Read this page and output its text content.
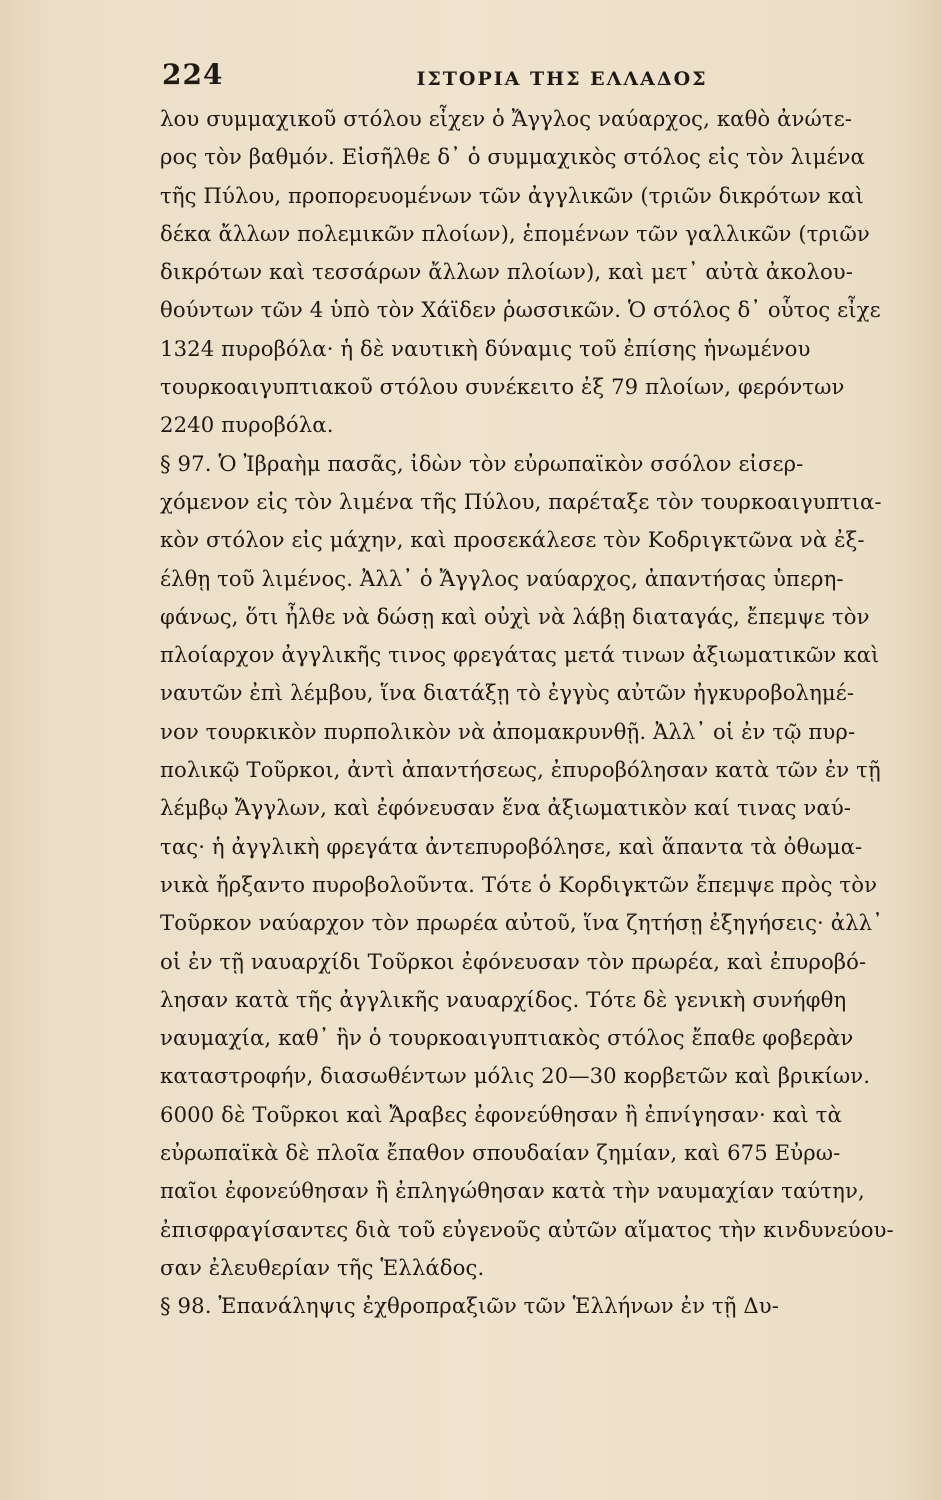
224	ΙΣΤΟΡΙΑ ΤΗΣ ΕΛΛΑΔΟΣ
λου συμμαχικοῦ στόλου εἶχεν ὁ Ἄγγλος ναύαρχος, καθὸ ἀνώτε-
ρος τὸν βαθμόν. Εἰσῆλθε δ᾽ ὁ συμμαχικὸς στόλος εἰς τὸν λιμένα
τῆς Πύλου, προπορευομένων τῶν ἀγγλικῶν (τριῶν δικρότων καὶ
δέκα ἄλλων πολεμικῶν πλοίων), ἑπομένων τῶν γαλλικῶν (τριῶν
δικρότων καὶ τεσσάρων ἄλλων πλοίων), καὶ μετ᾽ αὐτὰ ἀκολου-
θούντων τῶν 4 ὑπὸ τὸν Χάϊδεν ῥωσσικῶν. Ὁ στόλος δ᾽ οὗτος εἶχε
1324 πυροβόλα· ἡ δὲ ναυτικὴ δύναμις τοῦ ἐπίσης ἡνωμένου
τουρκοαιγυπτιακοῦ στόλου συνέκειτο ἐξ 79 πλοίων, φερόντων
2240 πυροβόλα.
§ 97. Ὁ Ἰβραὴμ πασᾶς, ἰδὼν τὸν εὐρωπαϊκὸν σσόλον εἰσερ-
χόμενον εἰς τὸν λιμένα τῆς Πύλου, παρέταξε τὸν τουρκοαιγυπτια-
κὸν στόλον εἰς μάχην, καὶ προσεκάλεσε τὸν Κοδριγκτῶνα νὰ ἐξ-
έλθῃ τοῦ λιμένος. Ἀλλ᾽ ὁ Ἄγγλος ναύαρχος, ἀπαντήσας ὑπερη-
φάνως, ὅτι ἦλθε νὰ δώσῃ καὶ οὐχὶ νὰ λάβῃ διαταγάς, ἔπεμψε τὸν
πλοίαρχον ἀγγλικῆς τινος φρεγάτας μετά τινων ἀξιωματικῶν καὶ
ναυτῶν ἐπὶ λέμβου, ἵνα διατάξῃ τὸ ἐγγὺς αὐτῶν ἠγκυροβολημέ-
νον τουρκικὸν πυρπολικὸν νὰ ἀπομακρυνθῇ. Ἀλλ᾽ οἱ ἐν τῷ πυρ-
πολικῷ Τοῦρκοι, ἀντὶ ἀπαντήσεως, ἐπυροβόλησαν κατὰ τῶν ἐν τῇ
λέμβῳ Ἄγγλων, καὶ ἐφόνευσαν ἕνα ἀξιωματικὸν καί τινας ναύ-
τας· ἡ ἀγγλικὴ φρεγάτα ἀντεπυροβόλησε, καὶ ἅπαντα τὰ ὀθωμα-
νικὰ ἤρξαντο πυροβολοῦντα. Τότε ὁ Κορδιγκτῶν ἔπεμψε πρὸς τὸν
Τοῦρκον ναύαρχον τὸν πρωρέα αὐτοῦ, ἵνα ζητήσῃ ἐξηγήσεις· ἀλλ᾽
οἱ ἐν τῇ ναυαρχίδι Τοῦρκοι ἐφόνευσαν τὸν πρωρέα, καὶ ἐπυροβό-
λησαν κατὰ τῆς ἀγγλικῆς ναυαρχίδος. Τότε δὲ γενικὴ συνήφθη
ναυμαχία, καθ᾽ ἣν ὁ τουρκοαιγυπτιακὸς στόλος ἔπαθε φοβερὰν
καταστροφήν, διασωθέντων μόλις 20—30 κορβετῶν καὶ βρικίων.
6000 δὲ Τοῦρκοι καὶ Ἄραβες ἐφονεύθησαν ἢ ἐπνίγησαν· καὶ τὰ
εὐρωπαϊκὰ δὲ πλοῖα ἔπαθον σπουδαίαν ζημίαν, καὶ 675 Εὐρω-
παῖοι ἐφονεύθησαν ἢ ἐπληγώθησαν κατὰ τὴν ναυμαχίαν ταύτην,
ἐπισφραγίσαντες διὰ τοῦ εὐγενοῦς αὐτῶν αἵματος τὴν κινδυνεύου-
σαν ἐλευθερίαν τῆς Ἑλλάδος.
§ 98. Ἐπανάληψις ἐχθροπραξιῶν τῶν Ἑλλήνων ἐν τῇ Δυ-
